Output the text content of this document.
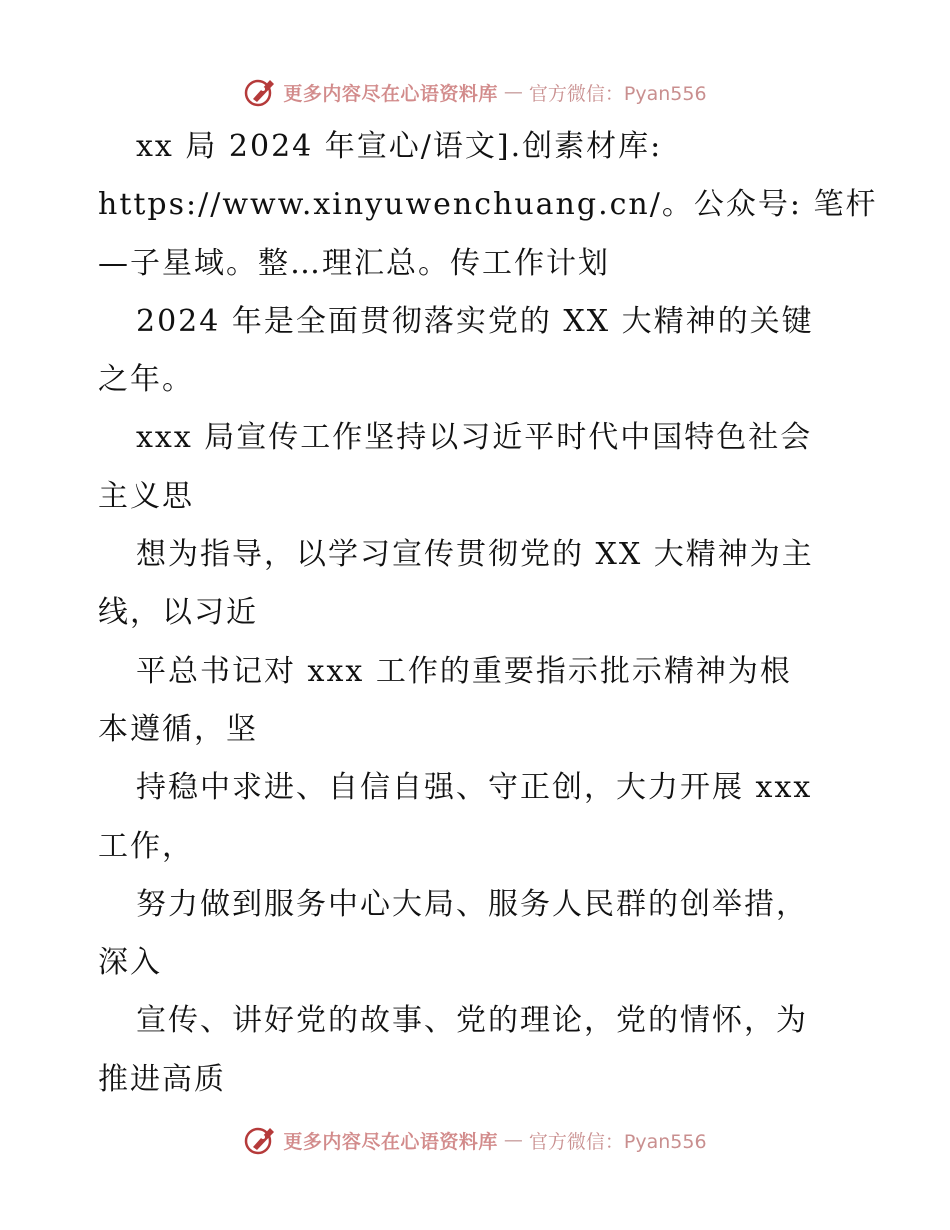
更多内容尽在心语资料库 — 官方微信：Pyan556
xx 局 2024 年宣心/语文].创素材库:
https://www.xinyuwenchuang.cn/。公众号: 笔杆
—子星域。整…理汇总。传工作计划
2024 年是全面贯彻落实党的 XX 大精神的关键
之年。
xxx 局宣传工作坚持以习近平时代中国特色社会
主义思
想为指导，以学习宣传贯彻党的 XX 大精神为主
线，以习近
平总书记对 xxx 工作的重要指示批示精神为根
本遵循，坚
持稳中求进、自信自强、守正创，大力开展 xxx
工作，
努力做到服务中心大局、服务人民群的创举措，
深入
宣传、讲好党的故事、党的理论，党的情怀，为
推进高质
更多内容尽在心语资料库 — 官方微信：Pyan556
